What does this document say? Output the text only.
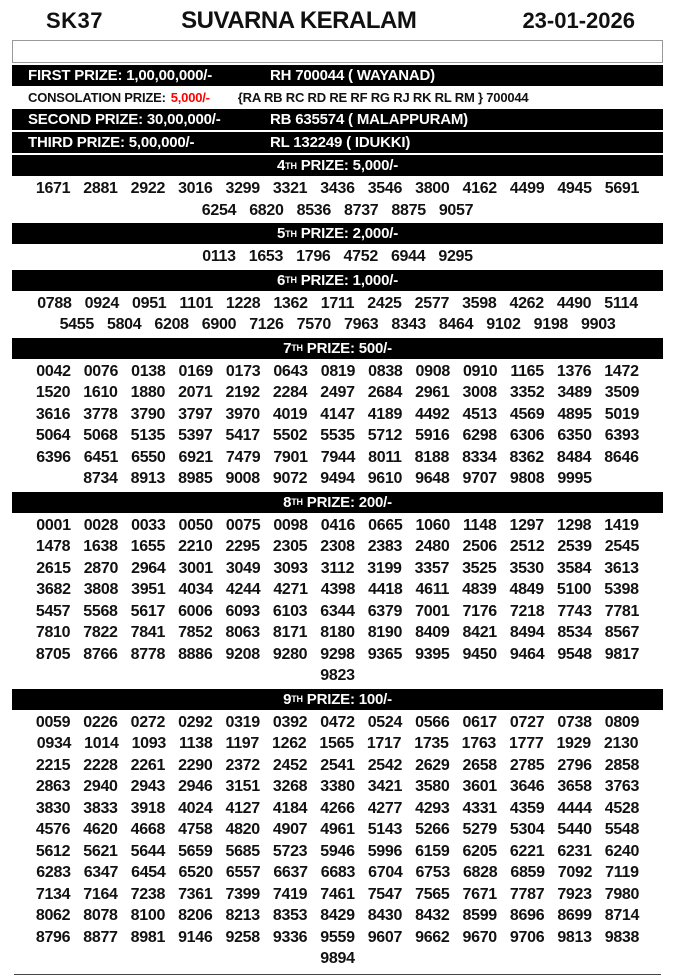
SK37	SUVARNA KERALAM	23-01-2026
FIRST PRIZE: 1,00,00,000/-	RH 700044 ( WAYANAD)
CONSOLATION PRIZE: 5,000/- {RA RB RC RD RE RF RG RJ RK RL RM } 700044
SECOND PRIZE: 30,00,000/-	RB 635574 ( MALAPPURAM)
THIRD PRIZE: 5,00,000/-	RL 132249 ( IDUKKI)
4 TH PRIZE: 5,000/-
1671 2881 2922 3016 3299 3321 3436 3546 3800 4162 4499 4945 5691
6254 6820 8536 8737 8875 9057
5 TH PRIZE: 2,000/-
0113 1653 1796 4752 6944 9295
6 TH PRIZE: 1,000/-
0788 0924 0951 1101 1228 1362 1711 2425 2577 3598 4262 4490 5114
5455 5804 6208 6900 7126 7570 7963 8343 8464 9102 9198 9903
7 TH PRIZE: 500/-
0042 0076 0138 0169 0173 0643 0819 0838 0908 0910 1165 1376 1472
1520 1610 1880 2071 2192 2284 2497 2684 2961 3008 3352 3489 3509
3616 3778 3790 3797 3970 4019 4147 4189 4492 4513 4569 4895 5019
5064 5068 5135 5397 5417 5502 5535 5712 5916 6298 6306 6350 6393
6396 6451 6550 6921 7479 7901 7944 8011 8188 8334 8362 8484 8646
8734 8913 8985 9008 9072 9494 9610 9648 9707 9808 9995
8 TH PRIZE: 200/-
0001 0028 0033 0050 0075 0098 0416 0665 1060 1148 1297 1298 1419
1478 1638 1655 2210 2295 2305 2308 2383 2480 2506 2512 2539 2545
2615 2870 2964 3001 3049 3093 3112 3199 3357 3525 3530 3584 3613
3682 3808 3951 4034 4244 4271 4398 4418 4611 4839 4849 5100 5398
5457 5568 5617 6006 6093 6103 6344 6379 7001 7176 7218 7743 7781
7810 7822 7841 7852 8063 8171 8180 8190 8409 8421 8494 8534 8567
8705 8766 8778 8886 9208 9280 9298 9365 9395 9450 9464 9548 9817
9823
9 TH PRIZE: 100/-
0059 0226 0272 0292 0319 0392 0472 0524 0566 0617 0727 0738 0809
0934 1014 1093 1138 1197 1262 1565 1717 1735 1763 1777 1929 2130
2215 2228 2261 2290 2372 2452 2541 2542 2629 2658 2785 2796 2858
2863 2940 2943 2946 3151 3268 3380 3421 3580 3601 3646 3658 3763
3830 3833 3918 4024 4127 4184 4266 4277 4293 4331 4359 4444 4528
4576 4620 4668 4758 4820 4907 4961 5143 5266 5279 5304 5440 5548
5612 5621 5644 5659 5685 5723 5946 5996 6159 6205 6221 6231 6240
6283 6347 6454 6520 6557 6637 6683 6704 6753 6828 6859 7092 7119
7134 7164 7238 7361 7399 7419 7461 7547 7565 7671 7787 7923 7980
8062 8078 8100 8206 8213 8353 8429 8430 8432 8599 8696 8699 8714
8796 8877 8981 9146 9258 9336 9559 9607 9662 9670 9706 9813 9838
9894
